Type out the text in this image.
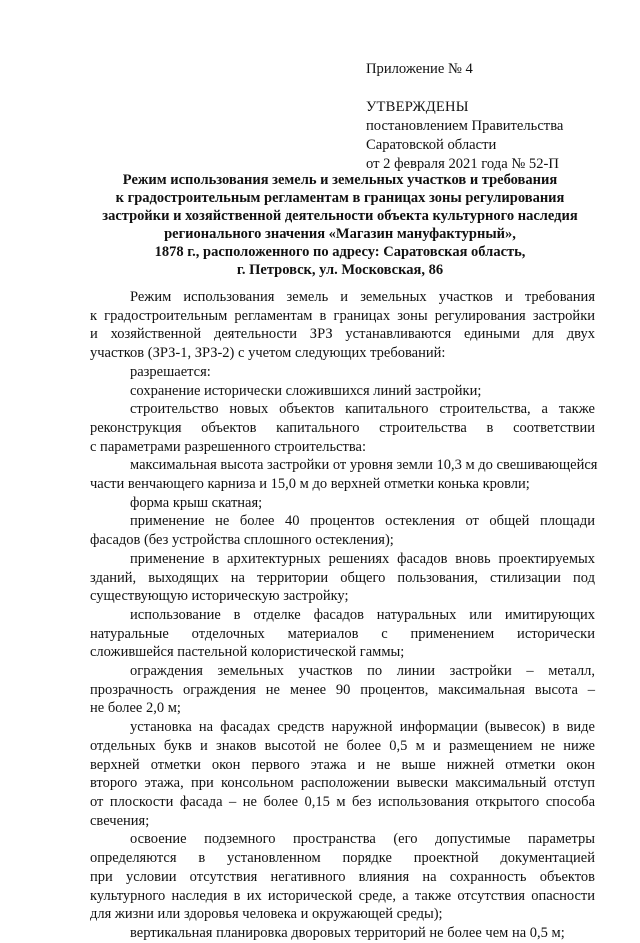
Приложение № 4
УТВЕРЖДЕНЫ
постановлением Правительства
Саратовской области
от 2 февраля 2021 года № 52-П
Режим использования земель и земельных участков и требования
к градостроительным регламентам в границах зоны регулирования
застройки и хозяйственной деятельности объекта культурного наследия
регионального значения «Магазин мануфактурный»,
1878 г., расположенного по адресу: Саратовская область,
г. Петровск, ул. Московская, 86
Режим использования земель и земельных участков и требования
к градостроительным регламентам в границах зоны регулирования застройки
и хозяйственной деятельности ЗРЗ устанавливаются едиными для двух
участков (ЗРЗ-1, ЗРЗ-2) с учетом следующих требований:
разрешается:
сохранение исторически сложившихся линий застройки;
строительство новых объектов капитального строительства, а также
реконструкция объектов капитального строительства в соответствии
с параметрами разрешенного строительства:
максимальная высота застройки от уровня земли 10,3 м до свешивающейся
части венчающего карниза и 15,0 м до верхней отметки конька кровли;
форма крыш скатная;
применение не более 40 процентов остекления от общей площади
фасадов (без устройства сплошного остекления);
применение в архитектурных решениях фасадов вновь проектируемых
зданий, выходящих на территории общего пользования, стилизации под
существующую историческую застройку;
использование в отделке фасадов натуральных или имитирующих
натуральные отделочных материалов с применением исторически
сложившейся пастельной колористической гаммы;
ограждения земельных участков по линии застройки – металл,
прозрачность ограждения не менее 90 процентов, максимальная высота –
не более 2,0 м;
установка на фасадах средств наружной информации (вывесок) в виде
отдельных букв и знаков высотой не более 0,5 м и размещением не ниже
верхней отметки окон первого этажа и не выше нижней отметки окон
второго этажа, при консольном расположении вывески максимальный отступ
от плоскости фасада – не более 0,15 м без использования открытого способа
свечения;
освоение подземного пространства (его допустимые параметры
определяются в установленном порядке проектной документацией
при условии отсутствия негативного влияния на сохранность объектов
культурного наследия в их исторической среде, а также отсутствия опасности
для жизни или здоровья человека и окружающей среды);
вертикальная планировка дворовых территорий не более чем на 0,5 м;
